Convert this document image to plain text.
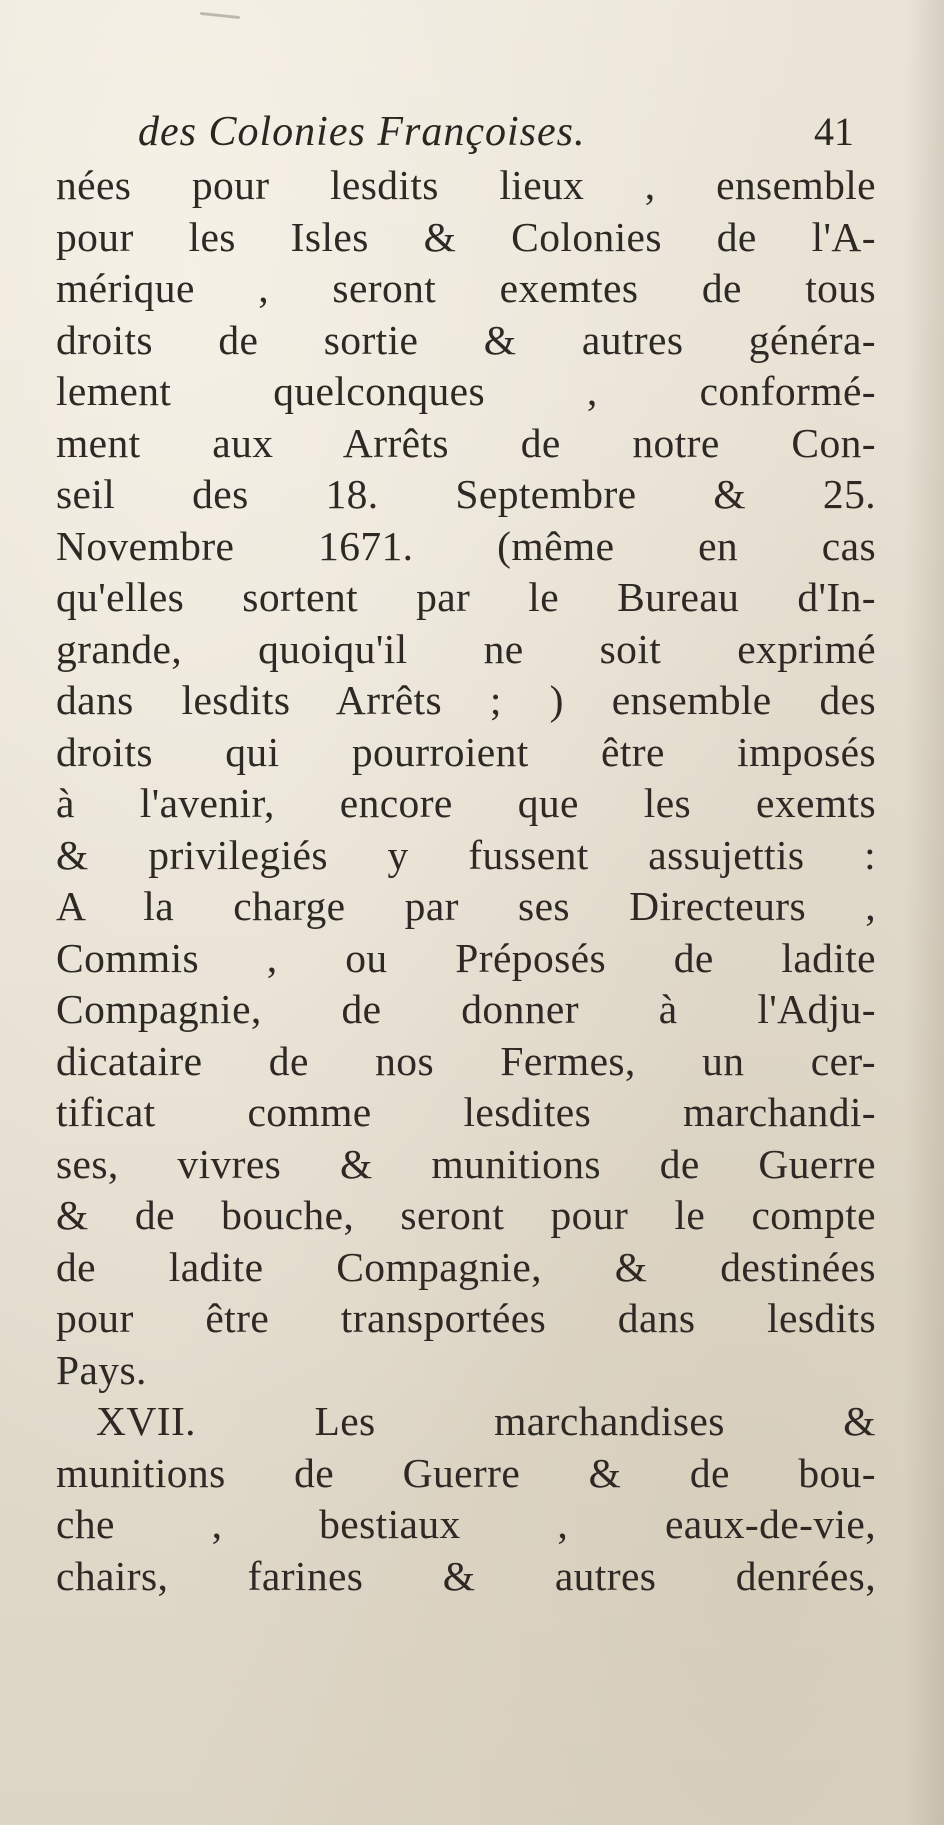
des Colonies Françoises.	41
nées pour lesdits lieux , ensemble
pour les Isles & Colonies de l'A-
mérique , seront exemtes de tous
droits de sortie & autres généra-
lement quelconques , conformé-
ment aux Arrêts de notre Con-
seil des 18. Septembre & 25.
Novembre 1671. (même en cas
qu'elles sortent par le Bureau d'In-
grande, quoiqu'il ne soit exprimé
dans lesdits Arrêts ; ) ensemble des
droits qui pourroient être imposés
à l'avenir, encore que les exemts
& privilegiés y fussent assujettis :
A la charge par ses Directeurs ,
Commis , ou Préposés de ladite
Compagnie, de donner à l'Adju-
dicataire de nos Fermes, un cer-
tificat comme lesdites marchandi-
ses, vivres & munitions de Guerre
& de bouche, seront pour le compte
de ladite Compagnie, & destinées
pour être transportées dans lesdits
Pays.
XVII. Les marchandises &
munitions de Guerre & de bou-
che , bestiaux , eaux-de-vie,
chairs, farines & autres denrées,
